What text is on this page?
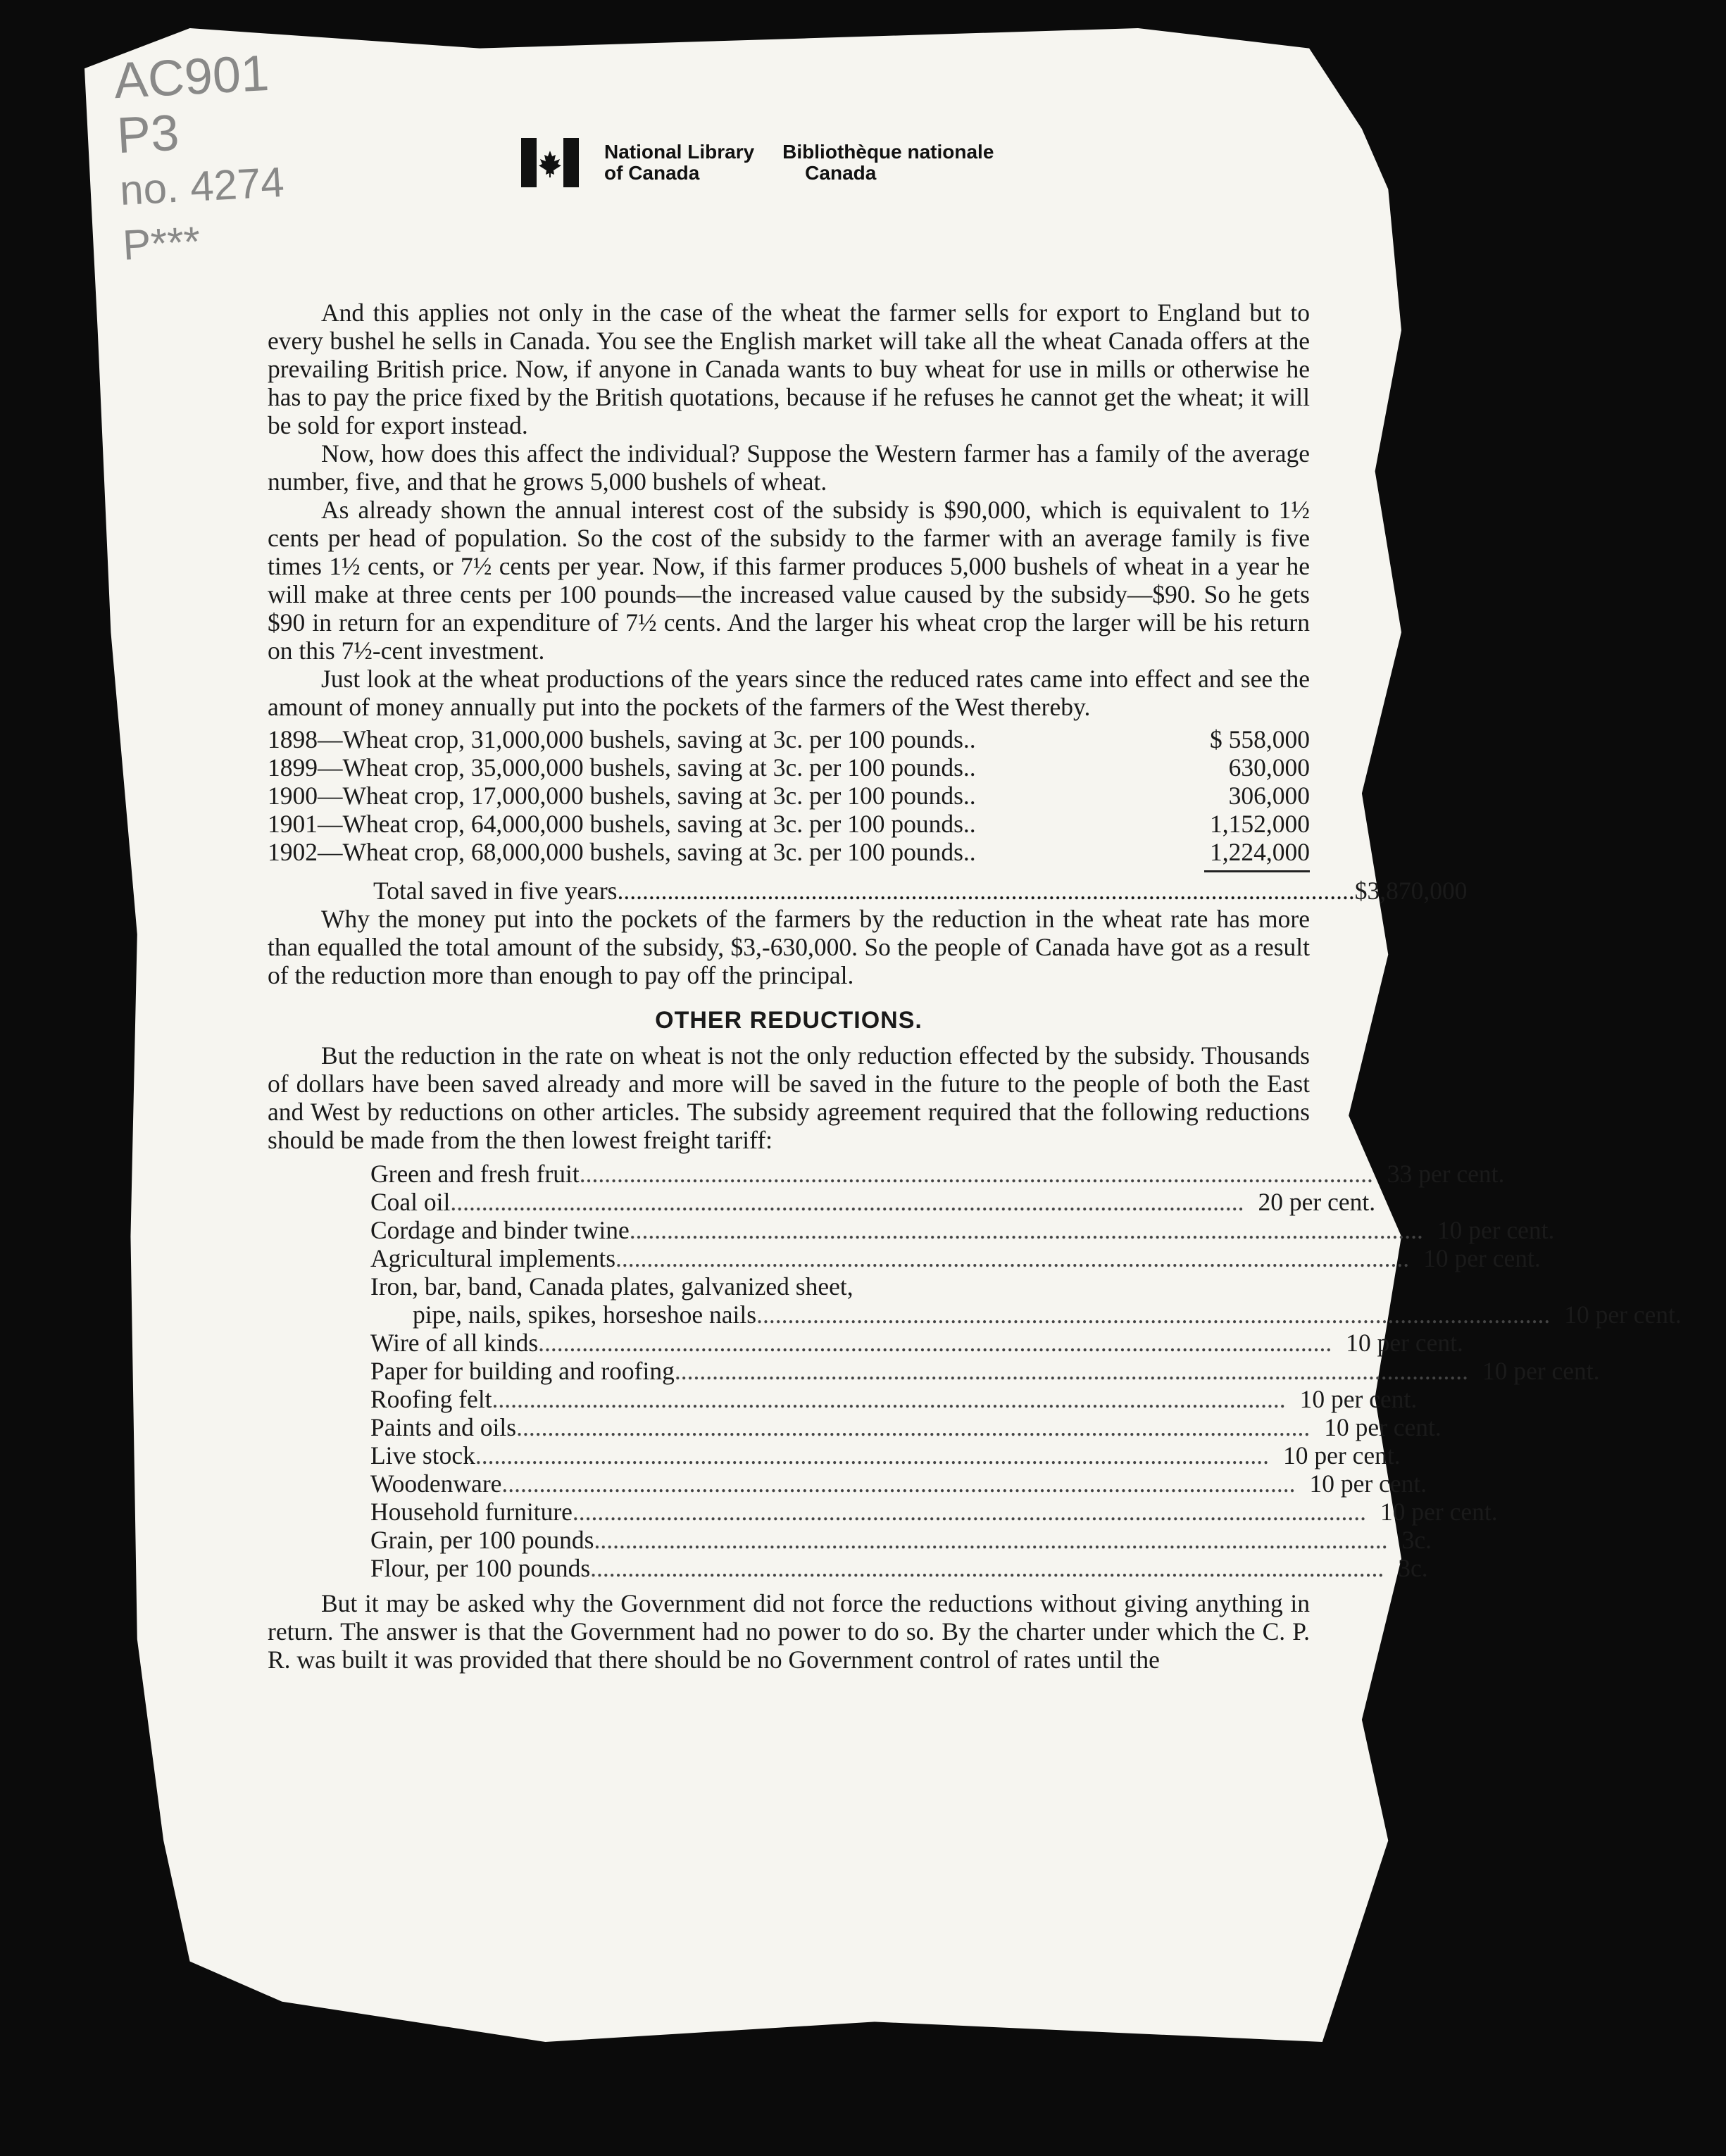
AC901
P3
no. 4274
P***
National Library
of Canada
Bibliothèque nationale
Canada

And this applies not only in the case of the wheat the farmer sells for export to England but to every bushel he sells in Canada. You see the English market will take all the wheat Canada offers at the prevailing British price. Now, if anyone in Canada wants to buy wheat for use in mills or otherwise he has to pay the price fixed by the British quotations, because if he refuses he cannot get the wheat; it will be sold for export instead.

Now, how does this affect the individual? Suppose the Western farmer has a family of the average number, five, and that he grows 5,000 bushels of wheat.

As already shown the annual interest cost of the subsidy is $90,000, which is equivalent to 1½ cents per head of population. So the cost of the subsidy to the farmer with an average family is five times 1½ cents, or 7½ cents per year. Now, if this farmer produces 5,000 bushels of wheat in a year he will make at three cents per 100 pounds—the increased value caused by the subsidy—$90. So he gets $90 in return for an expenditure of 7½ cents. And the larger his wheat crop the larger will be his return on this 7½-cent investment.

Just look at the wheat productions of the years since the reduced rates came into effect and see the amount of money annually put into the pockets of the farmers of the West thereby.

1898—Wheat crop, 31,000,000 bushels, saving at 3c. per 100 pounds..	$ 558,000
1899—Wheat crop, 35,000,000 bushels, saving at 3c. per 100 pounds..	630,000
1900—Wheat crop, 17,000,000 bushels, saving at 3c. per 100 pounds..	306,000
1901—Wheat crop, 64,000,000 bushels, saving at 3c. per 100 pounds..	1,152,000
1902—Wheat crop, 68,000,000 bushels, saving at 3c. per 100 pounds..	1,224,000
Total saved in five years .....	$3,870,000

Why the money put into the pockets of the farmers by the reduction in the wheat rate has more than equalled the total amount of the subsidy, $3,-630,000. So the people of Canada have got as a result of the reduction more than enough to pay off the principal.

OTHER REDUCTIONS.

But the reduction in the rate on wheat is not the only reduction effected by the subsidy. Thousands of dollars have been saved already and more will be saved in the future to the people of both the East and West by reductions on other articles. The subsidy agreement required that the following reductions should be made from the then lowest freight tariff:

Green and fresh fruit .....	33 per cent.
Coal oil .....	20 per cent.
Cordage and binder twine .....	10 per cent.
Agricultural implements .....	10 per cent.
Iron, bar, band, Canada plates, galvanized sheet,
pipe, nails, spikes, horseshoe nails .....	10 per cent.
Wire of all kinds .....	10 per cent.
Paper for building and roofing .....	10 per cent.
Roofing felt .....	10 per cent.
Paints and oils .....	10 per cent.
Live stock .....	10 per cent.
Woodenware .....	10 per cent.
Household furniture .....	10 per cent.
Grain, per 100 pounds .....	3c.
Flour, per 100 pounds .....	3c.

But it may be asked why the Government did not force the reductions without giving anything in return. The answer is that the Government had no power to do so. By the charter under which the C. P. R. was built it was provided that there should be no Government control of rates until the
